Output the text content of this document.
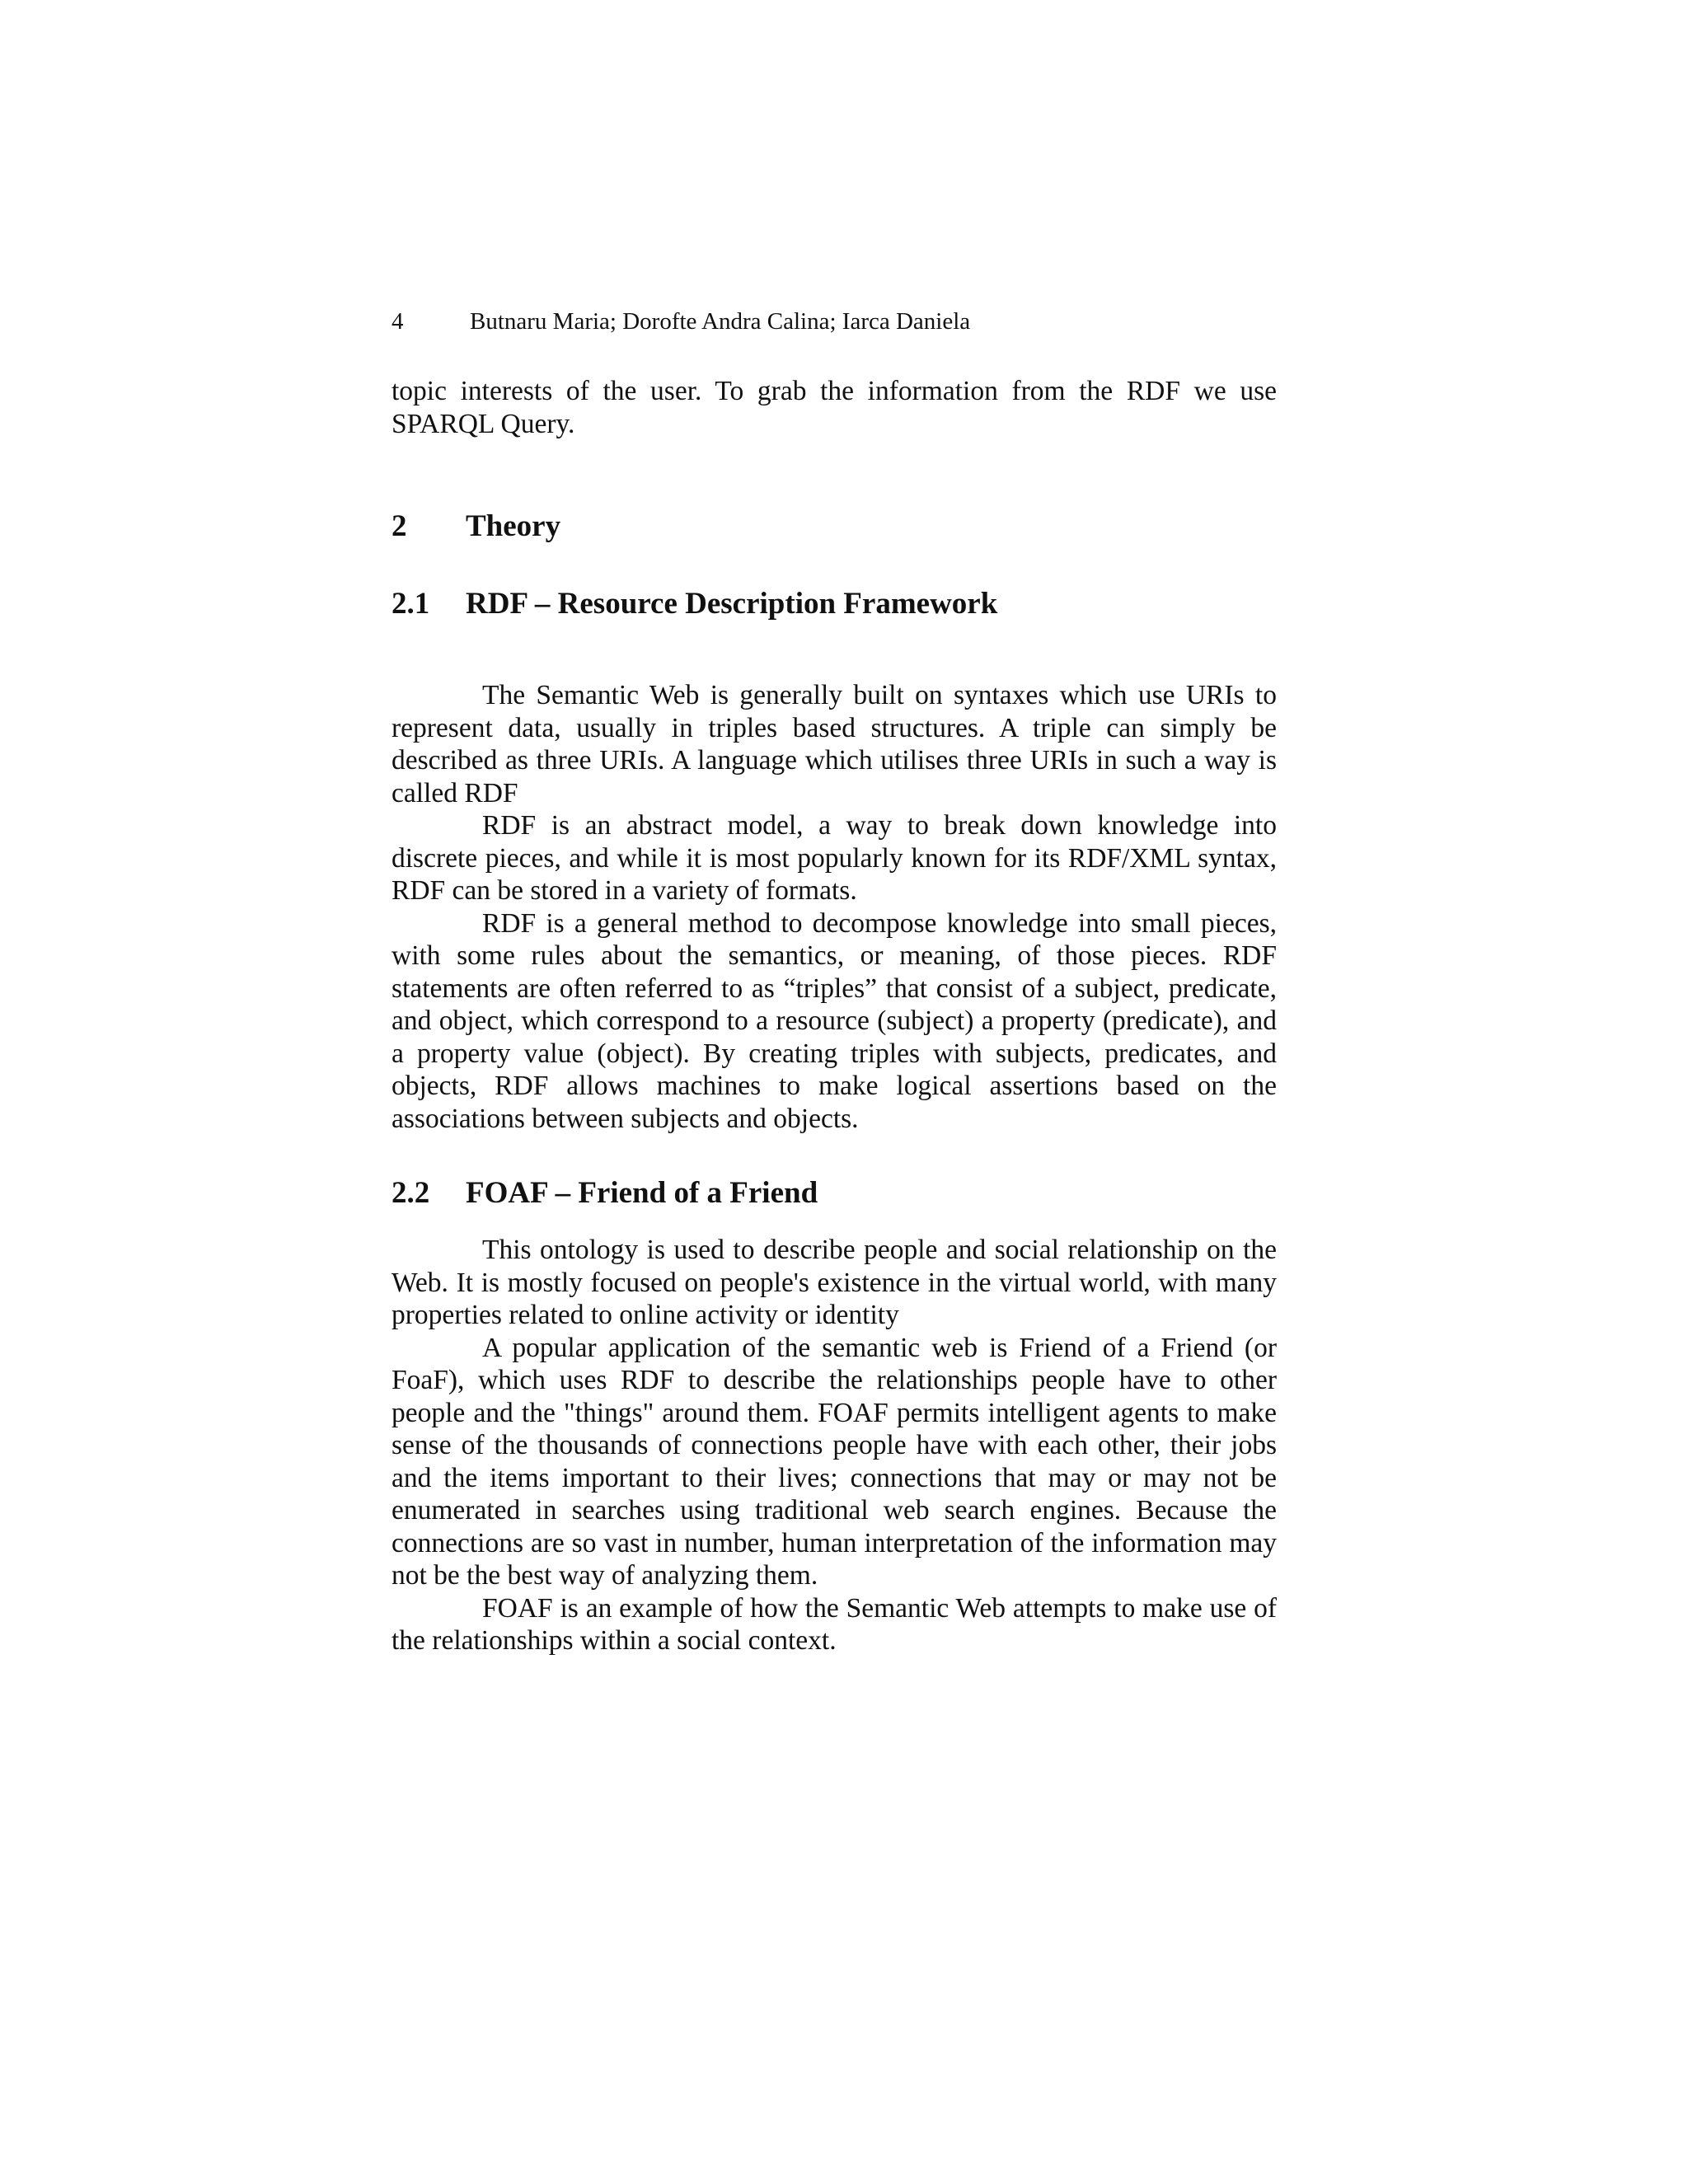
4	Butnaru Maria; Dorofte Andra Calina; Iarca Daniela

topic interests of the user. To grab the information from the RDF we use SPARQL Query.

2 Theory
2.1 RDF – Resource Description Framework

The Semantic Web is generally built on syntaxes which use URIs to represent data, usually in triples based structures. A triple can simply be described as three URIs. A language which utilises three URIs in such a way is called RDF

RDF is an abstract model, a way to break down knowledge into discrete pieces, and while it is most popularly known for its RDF/XML syntax, RDF can be stored in a variety of formats.

RDF is a general method to decompose knowledge into small pieces, with some rules about the semantics, or meaning, of those pieces. RDF statements are often referred to as “triples” that consist of a subject, predicate, and object, which correspond to a resource (subject) a property (predicate), and a property value (object). By creating triples with subjects, predicates, and objects, RDF allows machines to make logical assertions based on the associations between subjects and objects.

2.2 FOAF – Friend of a Friend

This ontology is used to describe people and social relationship on the Web. It is mostly focused on people's existence in the virtual world, with many properties related to online activity or identity

A popular application of the semantic web is Friend of a Friend (or FoaF), which uses RDF to describe the relationships people have to other people and the "things" around them. FOAF permits intelligent agents to make sense of the thousands of connections people have with each other, their jobs and the items important to their lives; connections that may or may not be enumerated in searches using traditional web search engines. Because the connections are so vast in number, human interpretation of the information may not be the best way of analyzing them.

FOAF is an example of how the Semantic Web attempts to make use of the relationships within a social context.
